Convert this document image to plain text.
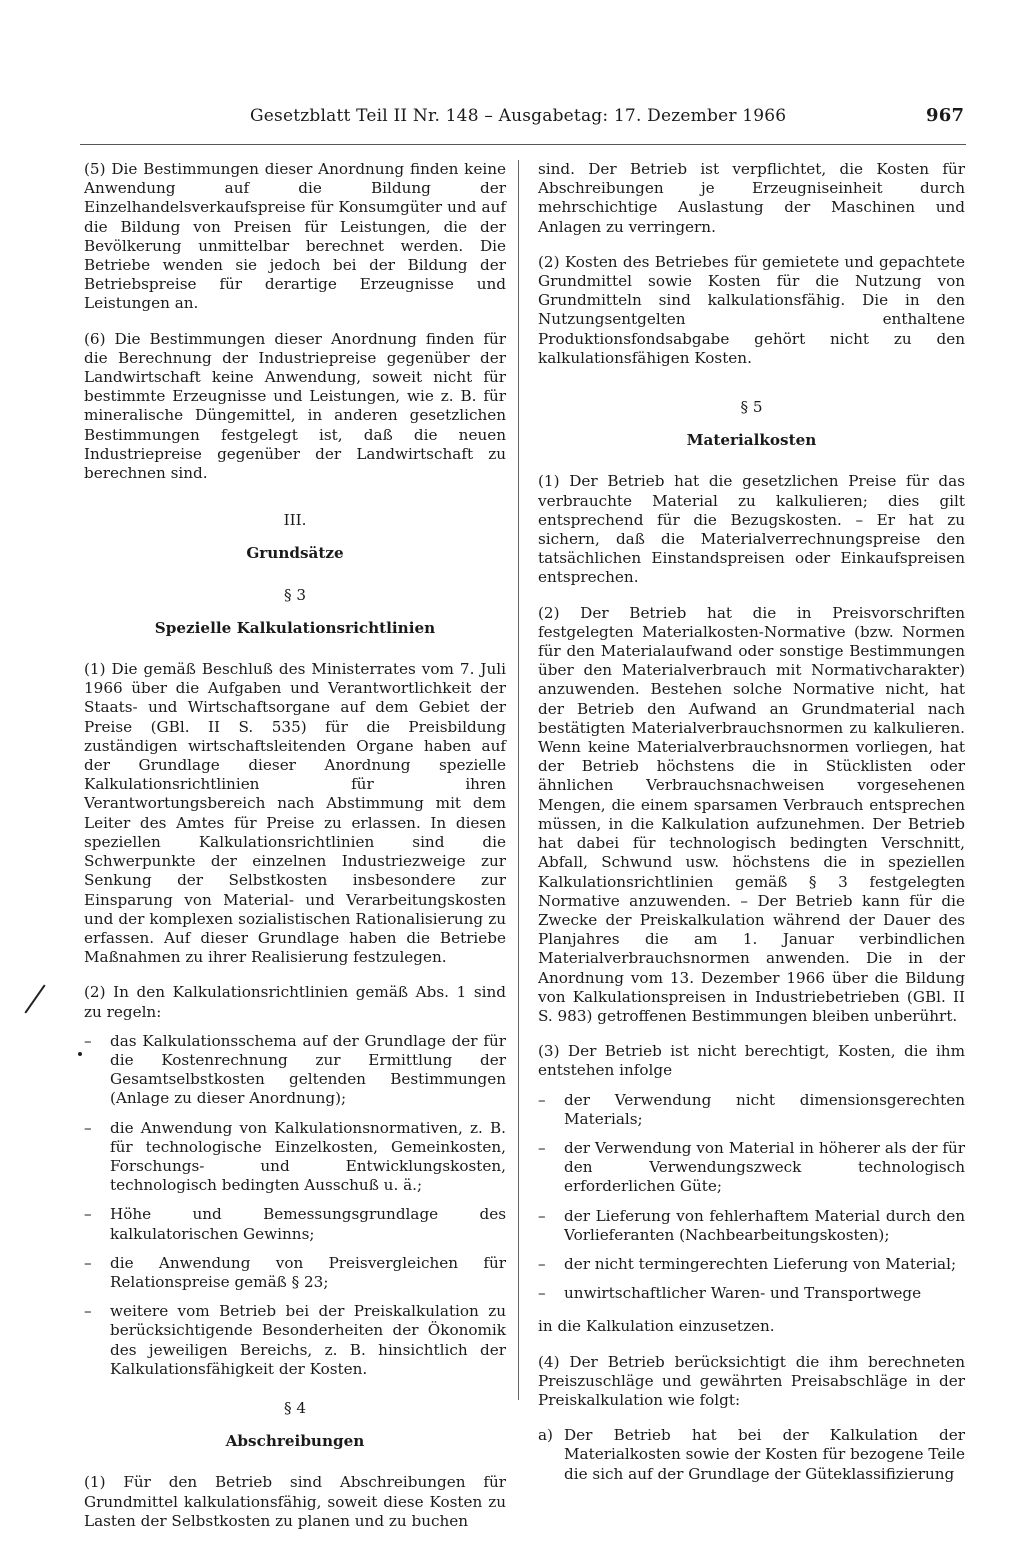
Gesetzblatt Teil II Nr. 148 – Ausgabetag: 17. Dezember 1966	967

(5) Die Bestimmungen dieser Anordnung finden keine Anwendung auf die Bildung der Einzelhandelsverkaufspreise für Konsumgüter und auf die Bildung von Preisen für Leistungen, die der Bevölkerung unmittelbar berechnet werden. Die Betriebe wenden sie jedoch bei der Bildung der Betriebspreise für derartige Erzeugnisse und Leistungen an.

(6) Die Bestimmungen dieser Anordnung finden für die Berechnung der Industriepreise gegenüber der Landwirtschaft keine Anwendung, soweit nicht für bestimmte Erzeugnisse und Leistungen, wie z. B. für mineralische Düngemittel, in anderen gesetzlichen Bestimmungen festgelegt ist, daß die neuen Industriepreise gegenüber der Landwirtschaft zu berechnen sind.

III.
Grundsätze
§ 3
Spezielle Kalkulationsrichtlinien

(1) Die gemäß Beschluß des Ministerrates vom 7. Juli 1966 über die Aufgaben und Verantwortlichkeit der Staats- und Wirtschaftsorgane auf dem Gebiet der Preise (GBl. II S. 535) für die Preisbildung zuständigen wirtschaftsleitenden Organe haben auf der Grundlage dieser Anordnung spezielle Kalkulationsrichtlinien für ihren Verantwortungsbereich nach Abstimmung mit dem Leiter des Amtes für Preise zu erlassen. In diesen speziellen Kalkulationsrichtlinien sind die Schwerpunkte der einzelnen Industriezweige zur Senkung der Selbstkosten insbesondere zur Einsparung von Material- und Verarbeitungskosten und der komplexen sozialistischen Rationalisierung zu erfassen. Auf dieser Grundlage haben die Betriebe Maßnahmen zu ihrer Realisierung festzulegen.

(2) In den Kalkulationsrichtlinien gemäß Abs. 1 sind zu regeln:

– das Kalkulationsschema auf der Grundlage der für die Kostenrechnung zur Ermittlung der Gesamtselbstkosten geltenden Bestimmungen (Anlage zu dieser Anordnung);
– die Anwendung von Kalkulationsnormativen, z. B. für technologische Einzelkosten, Gemeinkosten, Forschungs- und Entwicklungskosten, technologisch bedingten Ausschuß u. ä.;
– Höhe und Bemessungsgrundlage des kalkulatorischen Gewinns;
– die Anwendung von Preisvergleichen für Relationspreise gemäß § 23;
– weitere vom Betrieb bei der Preiskalkulation zu berücksichtigende Besonderheiten der Ökonomik des jeweiligen Bereichs, z. B. hinsichtlich der Kalkulationsfähigkeit der Kosten.
§ 4
Abschreibungen

(1) Für den Betrieb sind Abschreibungen für Grundmittel kalkulationsfähig, soweit diese Kosten zu Lasten der Selbstkosten zu planen und zu buchen

sind. Der Betrieb ist verpflichtet, die Kosten für Abschreibungen je Erzeugniseinheit durch mehrschichtige Auslastung der Maschinen und Anlagen zu verringern.

(2) Kosten des Betriebes für gemietete und gepachtete Grundmittel sowie Kosten für die Nutzung von Grundmitteln sind kalkulationsfähig. Die in den Nutzungsentgelten enthaltene Produktionsfondsabgabe gehört nicht zu den kalkulationsfähigen Kosten.

§ 5
Materialkosten

(1) Der Betrieb hat die gesetzlichen Preise für das verbrauchte Material zu kalkulieren; dies gilt entsprechend für die Bezugskosten. – Er hat zu sichern, daß die Materialverrechnungspreise den tatsächlichen Einstandspreisen oder Einkaufspreisen entsprechen.

(2) Der Betrieb hat die in Preisvorschriften festgelegten Materialkosten-Normative (bzw. Normen für den Materialaufwand oder sonstige Bestimmungen über den Materialverbrauch mit Normativcharakter) anzuwenden. Bestehen solche Normative nicht, hat der Betrieb den Aufwand an Grundmaterial nach bestätigten Materialverbrauchsnormen zu kalkulieren. Wenn keine Materialverbrauchsnormen vorliegen, hat der Betrieb höchstens die in Stücklisten oder ähnlichen Verbrauchsnachweisen vorgesehenen Mengen, die einem sparsamen Verbrauch entsprechen müssen, in die Kalkulation aufzunehmen. Der Betrieb hat dabei für technologisch bedingten Verschnitt, Abfall, Schwund usw. höchstens die in speziellen Kalkulationsrichtlinien gemäß § 3 festgelegten Normative anzuwenden. – Der Betrieb kann für die Zwecke der Preiskalkulation während der Dauer des Planjahres die am 1. Januar verbindlichen Materialverbrauchsnormen anwenden. Die in der Anordnung vom 13. Dezember 1966 über die Bildung von Kalkulationspreisen in Industriebetrieben (GBl. II S. 983) getroffenen Bestimmungen bleiben unberührt.

(3) Der Betrieb ist nicht berechtigt, Kosten, die ihm entstehen infolge

– der Verwendung nicht dimensionsgerechten Materials;
– der Verwendung von Material in höherer als der für den Verwendungszweck technologisch erforderlichen Güte;
– der Lieferung von fehlerhaftem Material durch den Vorlieferanten (Nachbearbeitungskosten);
– der nicht termingerechten Lieferung von Material;
– unwirtschaftlicher Waren- und Transportwege

in die Kalkulation einzusetzen.

(4) Der Betrieb berücksichtigt die ihm berechneten Preiszuschläge und gewährten Preisabschläge in der Preiskalkulation wie folgt:

a) Der Betrieb hat bei der Kalkulation der Materialkosten sowie der Kosten für bezogene Teile die sich auf der Grundlage der Güteklassifizierung
